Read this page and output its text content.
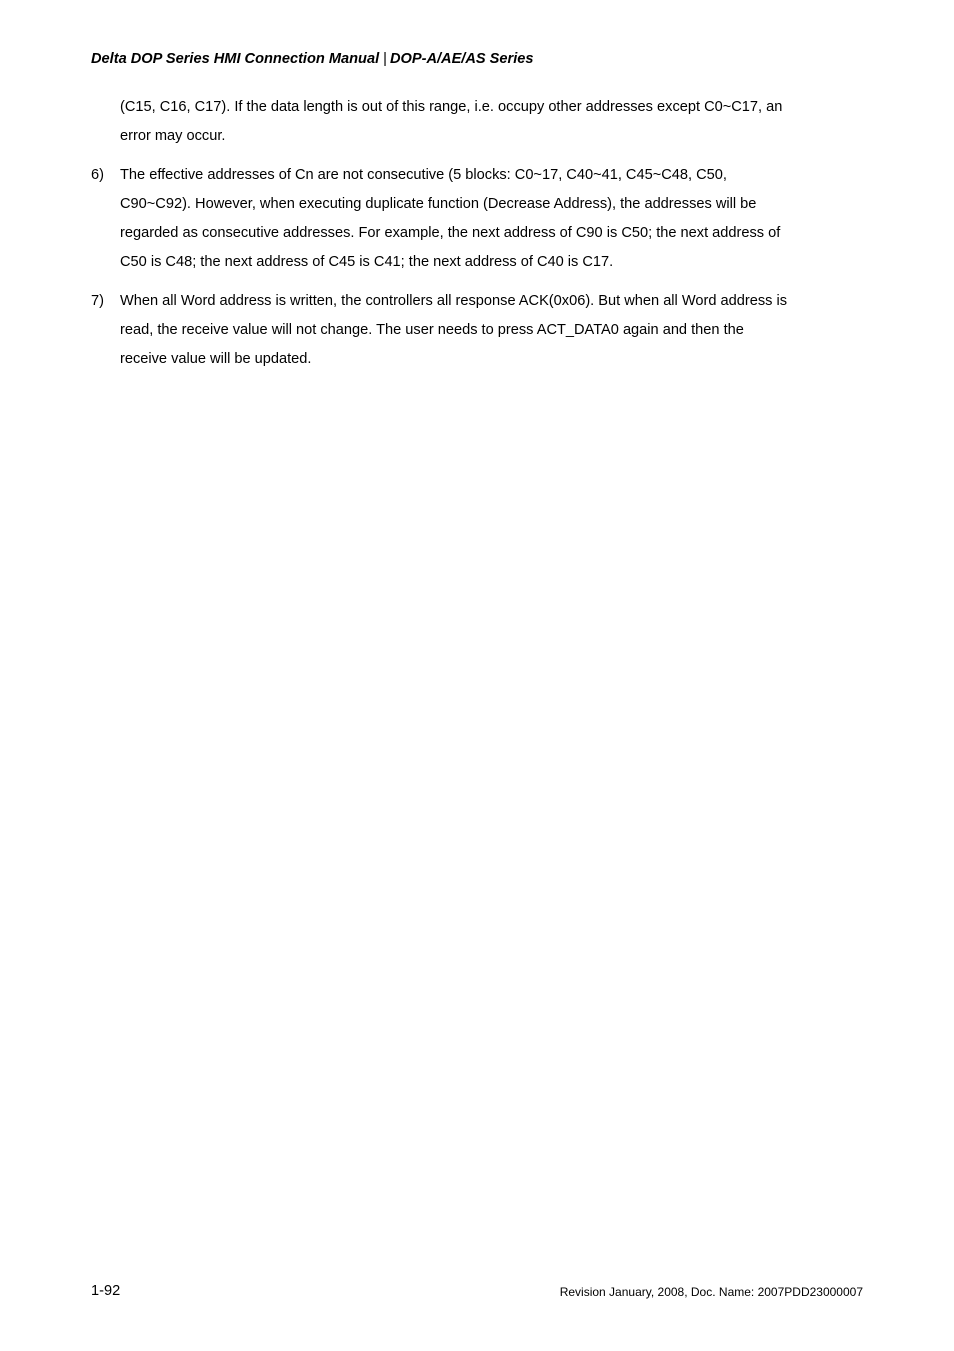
Delta DOP Series HMI Connection Manual | DOP-A/AE/AS Series

(C15, C16, C17). If the data length is out of this range, i.e. occupy other addresses except C0~C17, an
error may occur.

6)	The effective addresses of Cn are not consecutive (5 blocks: C0~17, C40~41, C45~C48, C50,
C90~C92). However, when executing duplicate function (Decrease Address), the addresses will be
regarded as consecutive addresses. For example, the next address of C90 is C50; the next address of
C50 is C48; the next address of C45 is C41; the next address of C40 is C17.
7)	When all Word address is written, the controllers all response ACK(0x06). But when all Word address is
read, the receive value will not change. The user needs to press ACT_DATA0 again and then the
receive value will be updated.
1-92	Revision January, 2008, Doc. Name: 2007PDD23000007
